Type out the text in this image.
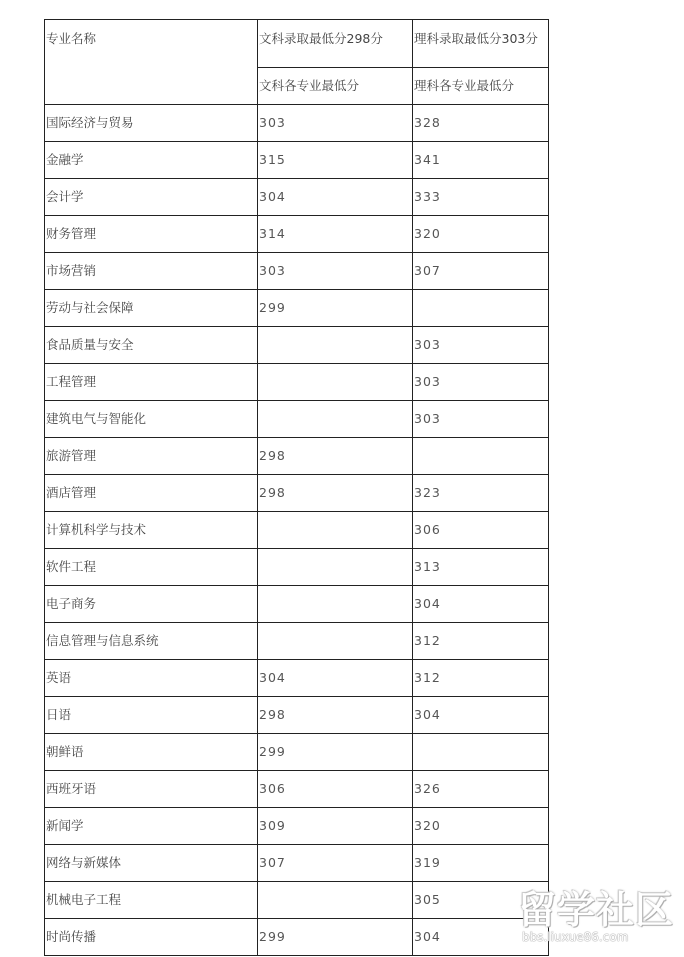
专业名称	文科录取最低分298分	理科录取最低分303分
	文科各专业最低分	理科各专业最低分
国际经济与贸易	303	328
金融学	315	341
会计学	304	333
财务管理	314	320
市场营销	303	307
劳动与社会保障	299	
食品质量与安全		303
工程管理		303
建筑电气与智能化		303
旅游管理	298	
酒店管理	298	323
计算机科学与技术		306
软件工程		313
电子商务		304
信息管理与信息系统		312
英语	304	312
日语	298	304
朝鲜语	299	
西班牙语	306	326
新闻学	309	320
网络与新媒体	307	319
机械电子工程		305
时尚传播	299	304
留学社区
bbs.liuxue86.com
